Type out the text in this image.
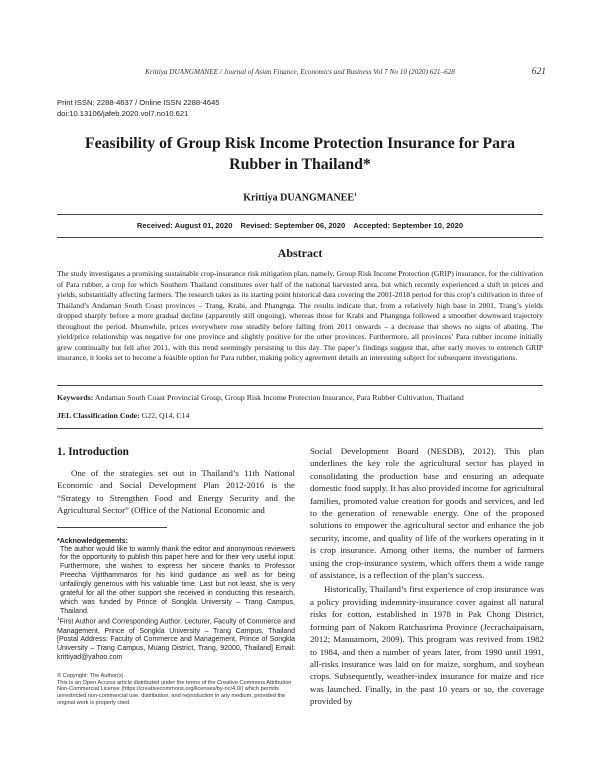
Krittiya DUANGMANEE / Journal of Asian Finance, Economics and Business Vol 7 No 10 (2020) 621–628	621
Print ISSN: 2288-4637 / Online ISSN 2288-4645
doi:10.13106/jafeb.2020.vol7.no10.621
Feasibility of Group Risk Income Protection Insurance for Para
Rubber in Thailand*
Krittiya DUANGMANEE$^1$
Received: August 01, 2020 Revised: September 06, 2020 Accepted: September 10, 2020
Abstract
The study investigates a promising sustainable crop-insurance risk mitigation plan, namely, Group Risk Income Protection (GRIP) insurance, for the cultivation of Para rubber, a crop for which Southern Thailand constitutes over half of the national harvested area, but which recently experienced a shift in prices and yields, substantially affecting farmers. The research takes as its starting point historical data covering the 2001-2018 period for this crop’s cultivation in three of Thailand’s Andaman South Coast provinces – Trang, Krabi, and Phangnga. The results indicate that, from a relatively high base in 2001, Trang’s yields dropped sharply before a more gradual decline (apparently still ongoing), whereas those for Krabi and Phangnga followed a smoother downward trajectory throughout the period. Meanwhile, prices everywhere rose steadily before falling from 2011 onwards – a decrease that shows no signs of abating. The yield/price relationship was negative for one province and slightly positive for the other provinces. Furthermore, all provinces’ Para rubber income initially grew continually but fell after 2011, with this trend seemingly persisting to this day. The paper’s findings suggest that, after early moves to entrench GRIP insurance, it looks set to become a feasible option for Para rubber, making policy agreement details an interesting subject for subsequent investigations.
Keywords: Andaman South Coast Provincial Group, Group Risk Income Protection Insurance, Para Rubber Cultivation, Thailand
JEL Classification Code: G22, Q14, C14
1. Introduction

One of the strategies set out in Thailand’s 11th National Economic and Social Development Plan 2012-2016 is the “Strategy to Strengthen Food and Energy Security and the Agricultural Sector” (Office of the National Economic and

*Acknowledgements:

The author would like to warmly thank the editor and anonymous reviewers for the opportunity to publish this paper here and for their very useful input. Furthermore, she wishes to express her sincere thanks to Professor Preecha Vijitthammaros for his kind guidance as well as for being unfailingly generous with his valuable time. Last but not least, she is very grateful for all the other support she received in conducting this research, which was funded by Prince of Songkla University – Trang Campus, Thailand.

$^1$First Author and Corresponding Author. Lecturer, Faculty of Commerce and Management, Prince of Songkla University – Trang Campus, Thailand [Postal Address: Faculty of Commerce and Management, Prince of Songkla University – Trang Campus, Muang District, Trang, 92000, Thailand] Email: krittiyad@yahoo.com

© Copyright: The Author(s)
This is an Open Access article distributed under the terms of the Creative Commons Attribution
Non-Commercial License (https://creativecommons.org/licenses/by-nc/4.0/) which permits
unrestricted non-commercial use, distribution, and reproduction in any medium, provided the
original work is properly cited.

Social Development Board (NESDB), 2012). This plan underlines the key role the agricultural sector has played in consolidating the production base and ensuring an adequate domestic food supply. It has also provided income for agricultural families, promoted value creation for goods and services, and led to the generation of renewable energy. One of the proposed solutions to empower the agricultural sector and enhance the job security, income, and quality of life of the workers operating in it is crop insurance. Among other items, the number of farmers using the crop-insurance system, which offers them a wide range of assistance, is a reflection of the plan’s success.

Historically, Thailand’s first experience of crop insurance was a policy providing indemnity-insurance cover against all natural risks for cotton, established in 1978 in Pak Chong District, forming part of Nakorn Ratchasrima Province (Jecrachaipaisarn, 2012; Manuamorn, 2009). This program was revived from 1982 to 1984, and then a number of years later, from 1990 until 1991, all-risks insurance was laid on for maize, sorghum, and soybean crops. Subsequently, weather-index insurance for maize and rice was launched. Finally, in the past 10 years or so, the coverage provided by
